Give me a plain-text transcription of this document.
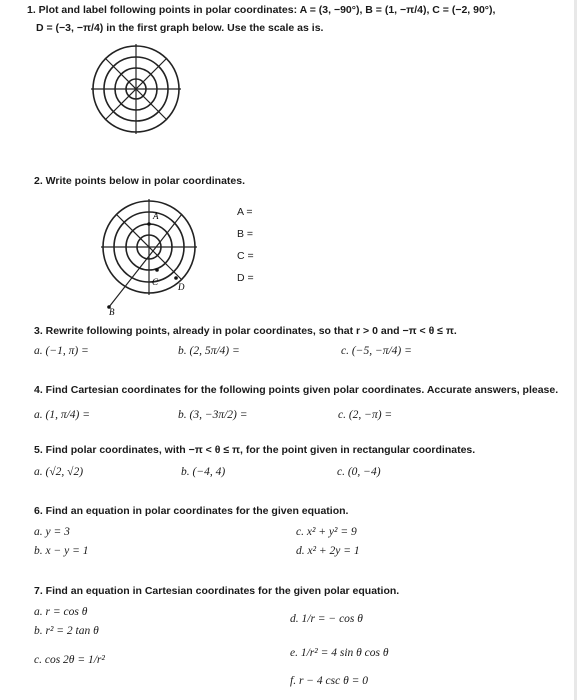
1. Plot and label following points in polar coordinates: A = (3, −90°), B = (1, −π/4), C = (−2, 90°),
D = (−3, −π/4) in the first graph below. Use the scale as is.
2. Write points below in polar coordinates.
A
C D
B
A =
B =
C =
D =
3. Rewrite following points, already in polar coordinates, so that r > 0 and −π < θ ≤ π.
a. (−1, π) =	b. (2, 5π/4) =	c. (−5, −π/4) =
4. Find Cartesian coordinates for the following points given polar coordinates. Accurate answers, please.
a. (1, π/4) =	b. (3, −3π/2) =	c. (2, −π) =
5. Find polar coordinates, with −π < θ ≤ π, for the point given in rectangular coordinates.
a. (√2, √2)	b. (−4, 4)	c. (0, −4)
6. Find an equation in polar coordinates for the given equation.
a. y = 3
b. x − y = 1
c. x² + y² = 9
d. x² + 2y = 1
7. Find an equation in Cartesian coordinates for the given polar equation.
a. r = cos θ
b. r² = 2 tan θ
c. cos 2θ = 1/r²
d. 1/r = − cos θ
e. 1/r² = 4 sin θ cos θ
f. r − 4 csc θ = 0
